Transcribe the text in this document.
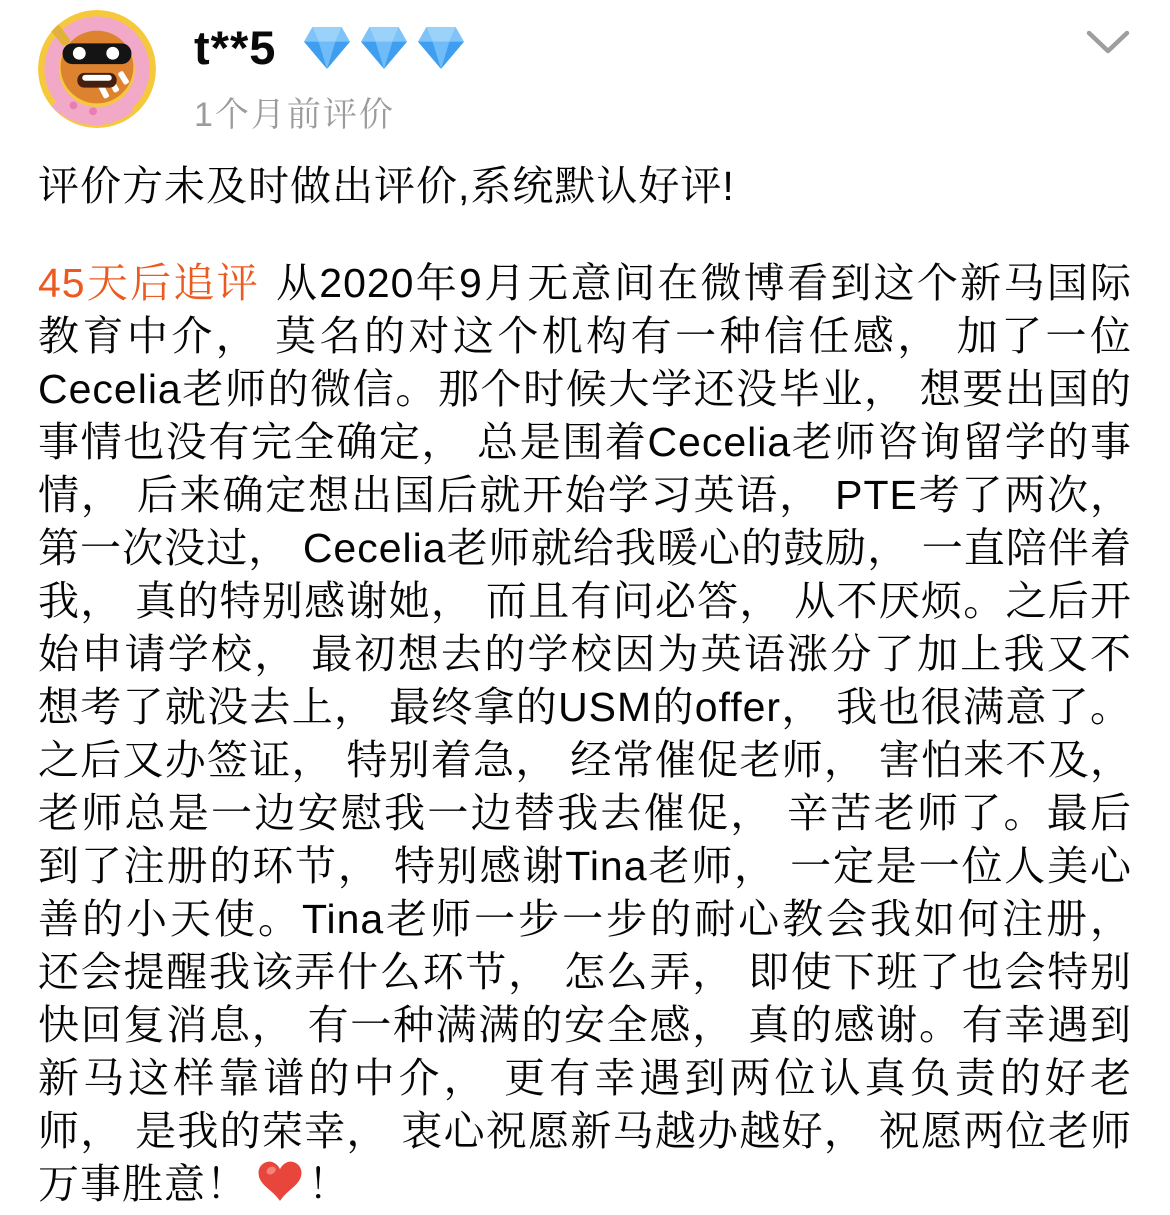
t**5
1个月前评价
评价方未及时做出评价,系统默认好评!
45天后追评 从2020年9月无意间在微博看到这个新马国际教育中介， 莫名的对这个机构有一种信任感， 加了一位Cecelia老师的微信。那个时候大学还没毕业， 想要出国的事情也没有完全确定， 总是围着Cecelia老师咨询留学的事情， 后来确定想出国后就开始学习英语， PTE考了两次， 第一次没过， Cecelia老师就给我暖心的鼓励， 一直陪伴着我， 真的特别感谢她， 而且有问必答， 从不厌烦。之后开始申请学校， 最初想去的学校因为英语涨分了加上我又不想考了就没去上， 最终拿的USM的offer， 我也很满意了。之后又办签证， 特别着急， 经常催促老师， 害怕来不及， 老师总是一边安慰我一边替我去催促， 辛苦老师了。最后到了注册的环节， 特别感谢Tina老师， 一定是一位人美心善的小天使。Tina老师一步一步的耐心教会我如何注册， 还会提醒我该弄什么环节， 怎么弄， 即使下班了也会特别快回复消息， 有一种满满的安全感， 真的感谢。有幸遇到新马这样靠谱的中介， 更有幸遇到两位认真负责的好老师， 是我的荣幸， 衷心祝愿新马越办越好， 祝愿两位老师万事胜意！ ！
